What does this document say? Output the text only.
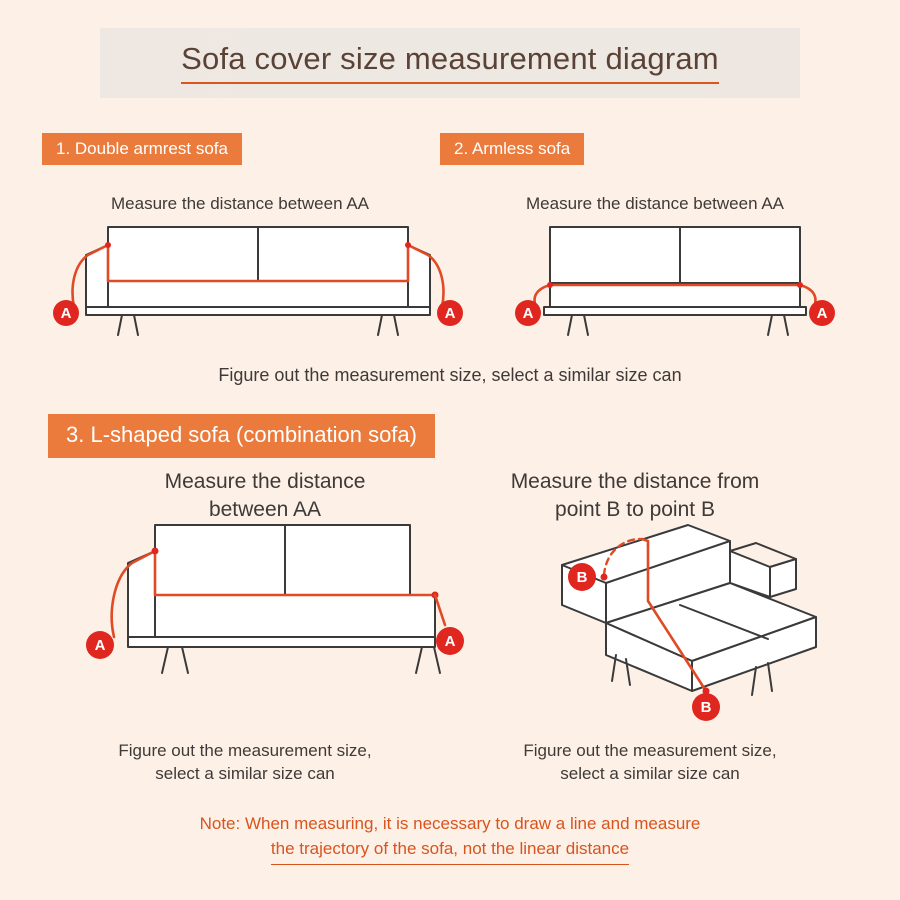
Sofa cover size measurement diagram
1. Double armrest sofa	2. Armless sofa
3. L-shaped sofa (combination sofa)
Measure the distance between AA	Measure the distance between AA
A	A	A	A
Figure out the measurement size, select a similar size can
Measure the distance
between AA
Measure the distance from
point B to point B
A	A
B
B
Figure out the measurement size,
select a similar size can
Figure out the measurement size,
select a similar size can
Note: When measuring, it is necessary to draw a line and measure
the trajectory of the sofa, not the linear distance
